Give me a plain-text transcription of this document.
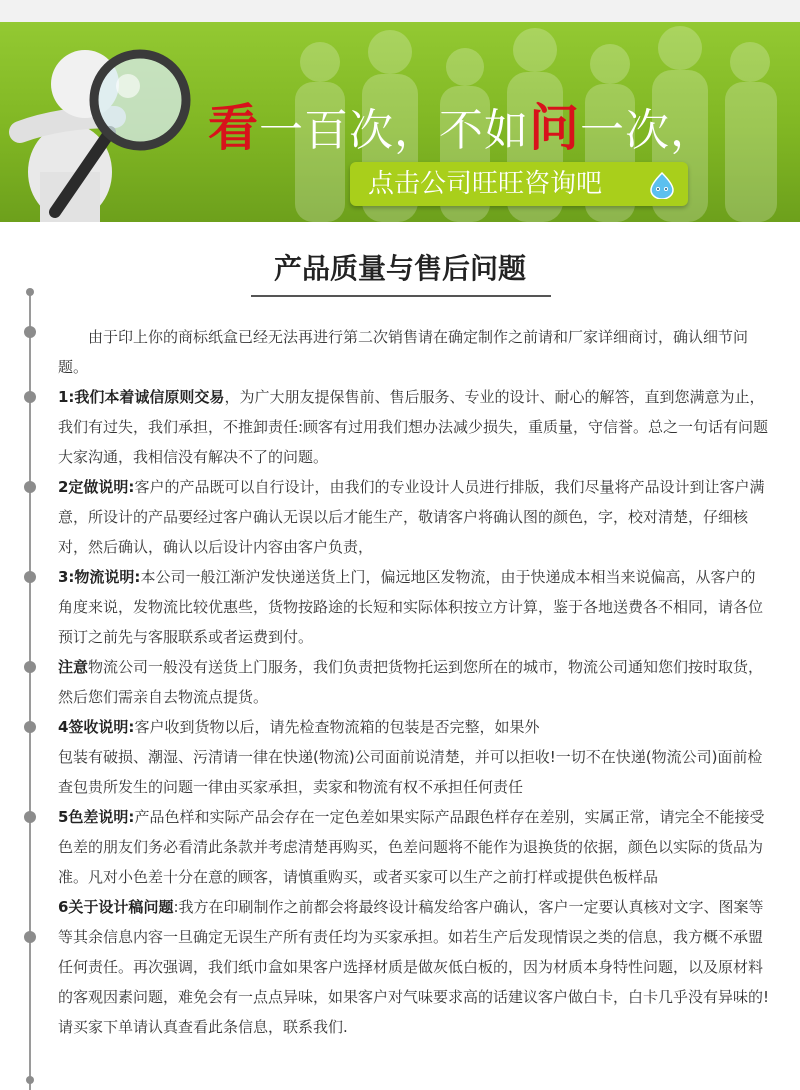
看一百次，不如问一次，
点击公司旺旺咨询吧
产品质量与售后问题

由于印上你的商标纸盒已经无法再进行第二次销售请在确定制作之前请和厂家详细商讨，确认细节问题。

1:我们本着诚信原则交易，为广大朋友提保售前、售后服务、专业的设计、耐心的解答，直到您满意为止，我们有过失，我们承担，不推卸责任:顾客有过用我们想办法减少损失，重质量，守信誉。总之一句话有问题大家沟通，我相信没有解决不了的问题。

2定做说明:客户的产品既可以自行设计，由我们的专业设计人员进行排版，我们尽量将产品设计到让客户满意，所设计的产品要经过客户确认无误以后才能生产，敬请客户将确认图的颜色，字，校对清楚，仔细核对，然后确认，确认以后设计内容由客户负责，

3:物流说明:本公司一般江渐沪发快递送货上门，偏远地区发物流，由于快递成本相当来说偏高，从客户的角度来说，发物流比较优惠些，货物按路途的长短和实际体积按立方计算，鉴于各地送费各不相同，请各位预订之前先与客服联系或者运费到付。

注意物流公司一般没有送货上门服务，我们负责把货物托运到您所在的城市，物流公司通知您们按时取货，然后您们需亲自去物流点提货。

4签收说明:客户收到货物以后，请先检查物流箱的包装是否完整，如果外

包装有破损、潮湿、污清请一律在快递(物流)公司面前说清楚，并可以拒收!一切不在快递(物流公司)面前检查包贵所发生的问题一律由买家承担，卖家和物流有权不承担任何责任

5色差说明:产品色样和实际产品会存在一定色差如果实际产品跟色样存在差别，实属正常，请完全不能接受色差的朋友们务必看清此条款并考虑清楚再购买，色差问题将不能作为退换货的依据，颜色以实际的货品为准。凡对小色差十分在意的顾客，请慎重购买，或者买家可以生产之前打样或提供色板样品

6关于设计稿问题:我方在印刷制作之前都会将最终设计稿发给客户确认，客户一定要认真核对文字、图案等等其余信息内容一旦确定无误生产所有责任均为买家承担。如若生产后发现情误之类的信息，我方概不承盟任何责任。再次强调，我们纸巾盒如果客户选择材质是做灰低白板的，因为材质本身特性问题，以及原材料的客观因素问题，难免会有一点点异味，如果客户对气味要求高的话建议客户做白卡，白卡几乎没有异味的!请买家下单请认真查看此条信息，联系我们.
